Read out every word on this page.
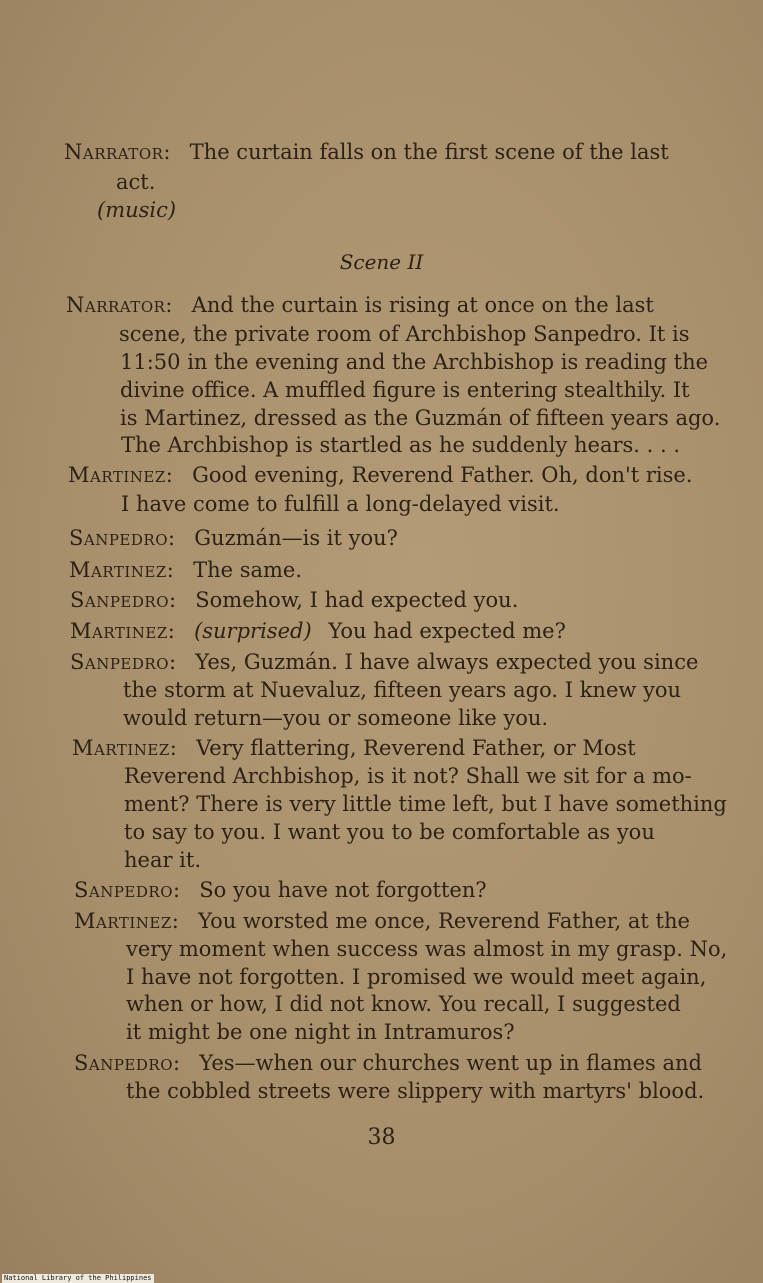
Narrator: The curtain falls on the first scene of the last
act.
(music)
Scene II
Narrator: And the curtain is rising at once on the last
scene, the private room of Archbishop Sanpedro. It is
11:50 in the evening and the Archbishop is reading the
divine office. A muffled figure is entering stealthily. It
is Martinez, dressed as the Guzmán of fifteen years ago.
The Archbishop is startled as he suddenly hears. . . .
Martinez: Good evening, Reverend Father. Oh, don't rise.
I have come to fulfill a long-delayed visit.
Sanpedro: Guzmán—is it you?
Martinez: The same.
Sanpedro: Somehow, I had expected you.
Martinez: (surprised) You had expected me?
Sanpedro: Yes, Guzmán. I have always expected you since
the storm at Nuevaluz, fifteen years ago. I knew you
would return—you or someone like you.
Martinez: Very flattering, Reverend Father, or Most
Reverend Archbishop, is it not? Shall we sit for a mo-
ment? There is very little time left, but I have something
to say to you. I want you to be comfortable as you
hear it.
Sanpedro: So you have not forgotten?
Martinez: You worsted me once, Reverend Father, at the
very moment when success was almost in my grasp. No,
I have not forgotten. I promised we would meet again,
when or how, I did not know. You recall, I suggested
it might be one night in Intramuros?
Sanpedro: Yes—when our churches went up in flames and
the cobbled streets were slippery with martyrs' blood.
38
National Library of the Philippines
